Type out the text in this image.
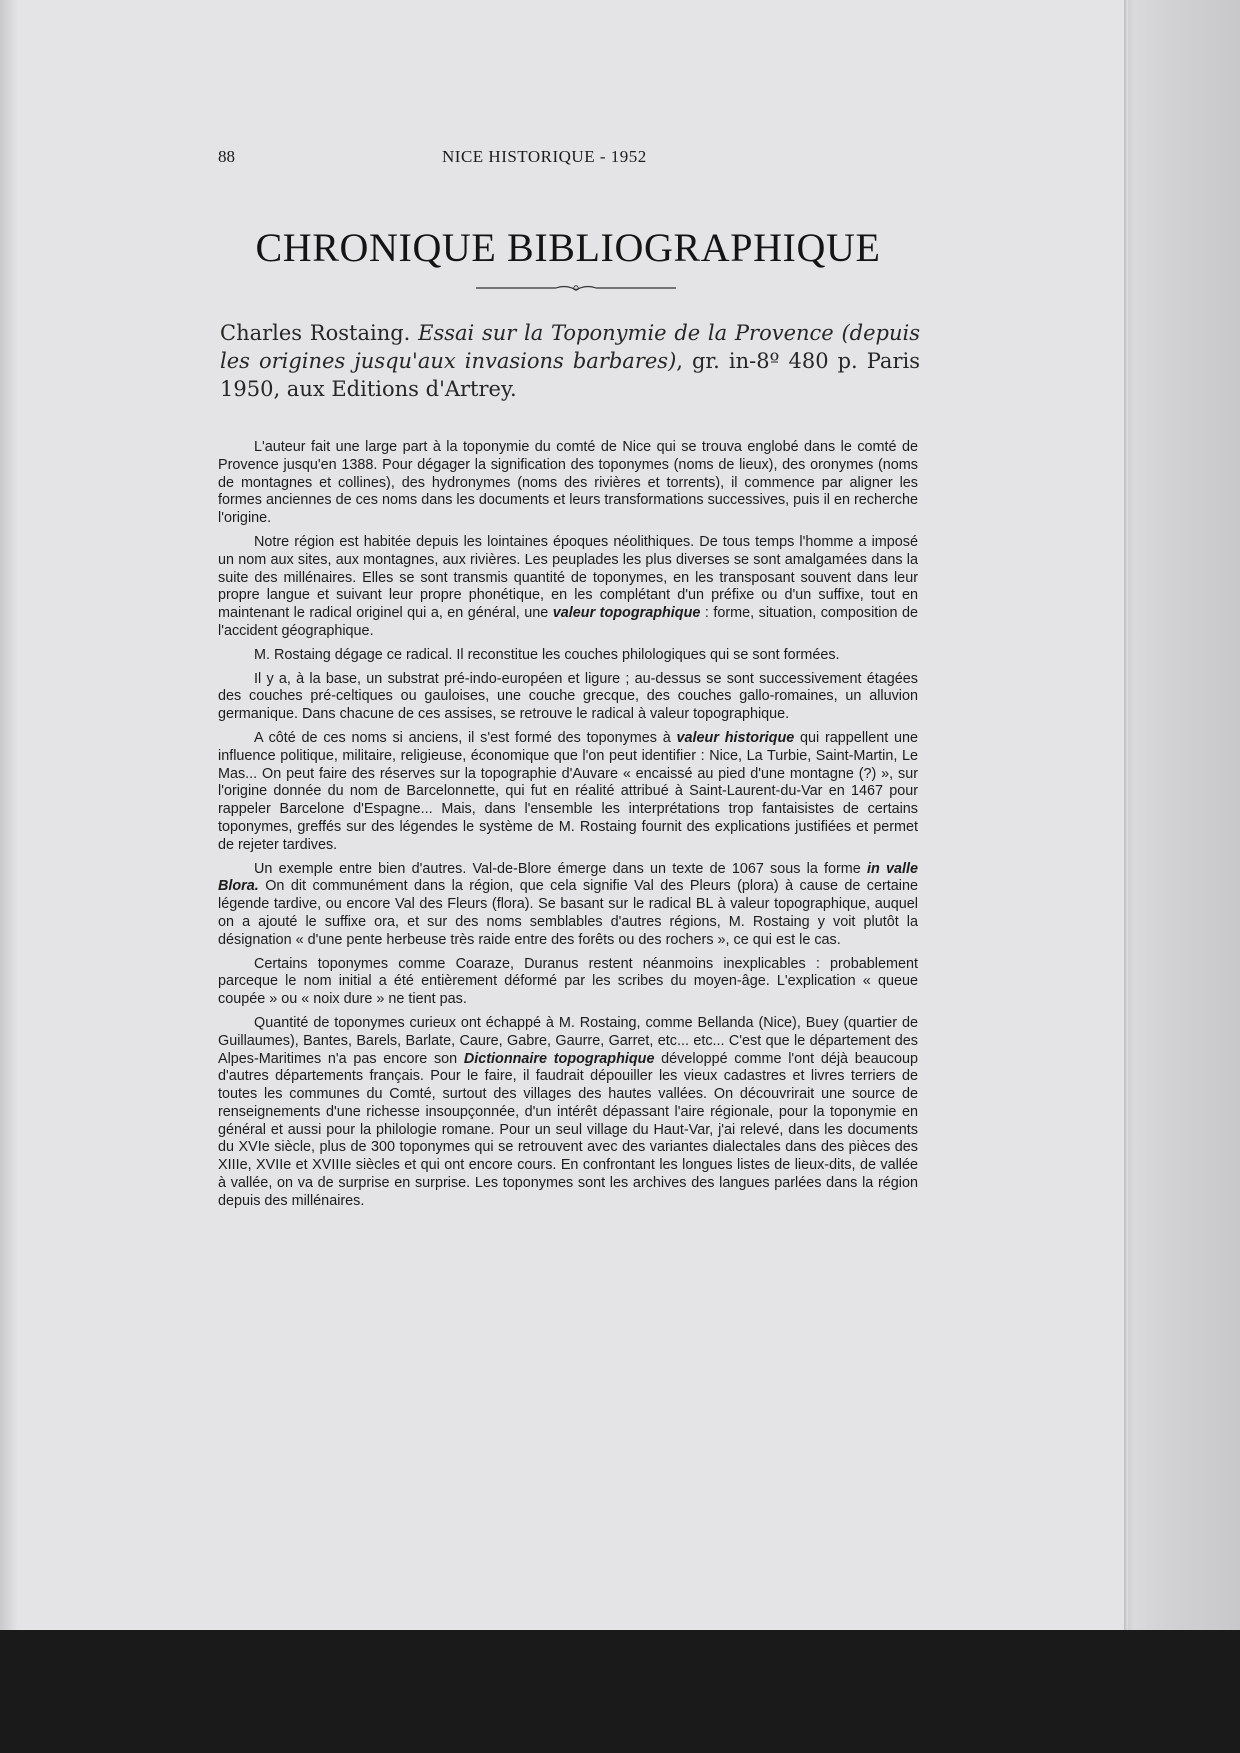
88	NICE HISTORIQUE - 1952
CHRONIQUE BIBLIOGRAPHIQUE

Charles Rostaing. Essai sur la Toponymie de la Provence (depuis les origines jusqu'aux invasions barbares), gr. in-8º 480 p. Paris 1950, aux Editions d'Artrey.

L'auteur fait une large part à la toponymie du comté de Nice qui se trouva englobé dans le comté de Provence jusqu'en 1388. Pour dégager la signification des toponymes (noms de lieux), des oronymes (noms de montagnes et collines), des hydronymes (noms des rivières et torrents), il commence par aligner les formes anciennes de ces noms dans les documents et leurs transformations successives, puis il en recherche l'origine.

Notre région est habitée depuis les lointaines époques néolithiques. De tous temps l'homme a imposé un nom aux sites, aux montagnes, aux rivières. Les peuplades les plus diverses se sont amalgamées dans la suite des millénaires. Elles se sont transmis quantité de toponymes, en les transposant souvent dans leur propre langue et suivant leur propre phonétique, en les complétant d'un préfixe ou d'un suffixe, tout en maintenant le radical originel qui a, en général, une valeur topographique : forme, situation, composition de l'accident géographique.

M. Rostaing dégage ce radical. Il reconstitue les couches philologiques qui se sont formées.

Il y a, à la base, un substrat pré-indo-européen et ligure ; au-dessus se sont successivement étagées des couches pré-celtiques ou gauloises, une couche grecque, des couches gallo-romaines, un alluvion germanique. Dans chacune de ces assises, se retrouve le radical à valeur topographique.

A côté de ces noms si anciens, il s'est formé des toponymes à valeur historique qui rappellent une influence politique, militaire, religieuse, économique que l'on peut identifier : Nice, La Turbie, Saint-Martin, Le Mas... On peut faire des réserves sur la topographie d'Auvare « encaissé au pied d'une montagne (?) », sur l'origine donnée du nom de Barcelonnette, qui fut en réalité attribué à Saint-Laurent-du-Var en 1467 pour rappeler Barcelone d'Espagne... Mais, dans l'ensemble les interprétations trop fantaisistes de certains toponymes, greffés sur des légendes le système de M. Rostaing fournit des explications justifiées et permet de rejeter tardives.

Un exemple entre bien d'autres. Val-de-Blore émerge dans un texte de 1067 sous la forme in valle Blora. On dit communément dans la région, que cela signifie Val des Pleurs (plora) à cause de certaine légende tardive, ou encore Val des Fleurs (flora). Se basant sur le radical BL à valeur topographique, auquel on a ajouté le suffixe ora, et sur des noms semblables d'autres régions, M. Rostaing y voit plutôt la désignation « d'une pente herbeuse très raide entre des forêts ou des rochers », ce qui est le cas.

Certains toponymes comme Coaraze, Duranus restent néanmoins inexplicables : probablement parceque le nom initial a été entièrement déformé par les scribes du moyen-âge. L'explication « queue coupée » ou « noix dure » ne tient pas.

Quantité de toponymes curieux ont échappé à M. Rostaing, comme Bellanda (Nice), Buey (quartier de Guillaumes), Bantes, Barels, Barlate, Caure, Gabre, Gaurre, Garret, etc... etc... C'est que le département des Alpes-Maritimes n'a pas encore son Dictionnaire topographique développé comme l'ont déjà beaucoup d'autres départements français. Pour le faire, il faudrait dépouiller les vieux cadastres et livres terriers de toutes les communes du Comté, surtout des villages des hautes vallées. On découvrirait une source de renseignements d'une richesse insoupçonnée, d'un intérêt dépassant l'aire régionale, pour la toponymie en général et aussi pour la philologie romane. Pour un seul village du Haut-Var, j'ai relevé, dans les documents du XVIe siècle, plus de 300 toponymes qui se retrouvent avec des variantes dialectales dans des pièces des XIIIe, XVIIe et XVIIIe siècles et qui ont encore cours. En confrontant les longues listes de lieux-dits, de vallée à vallée, on va de surprise en surprise. Les toponymes sont les archives des langues parlées dans la région depuis des millénaires.
